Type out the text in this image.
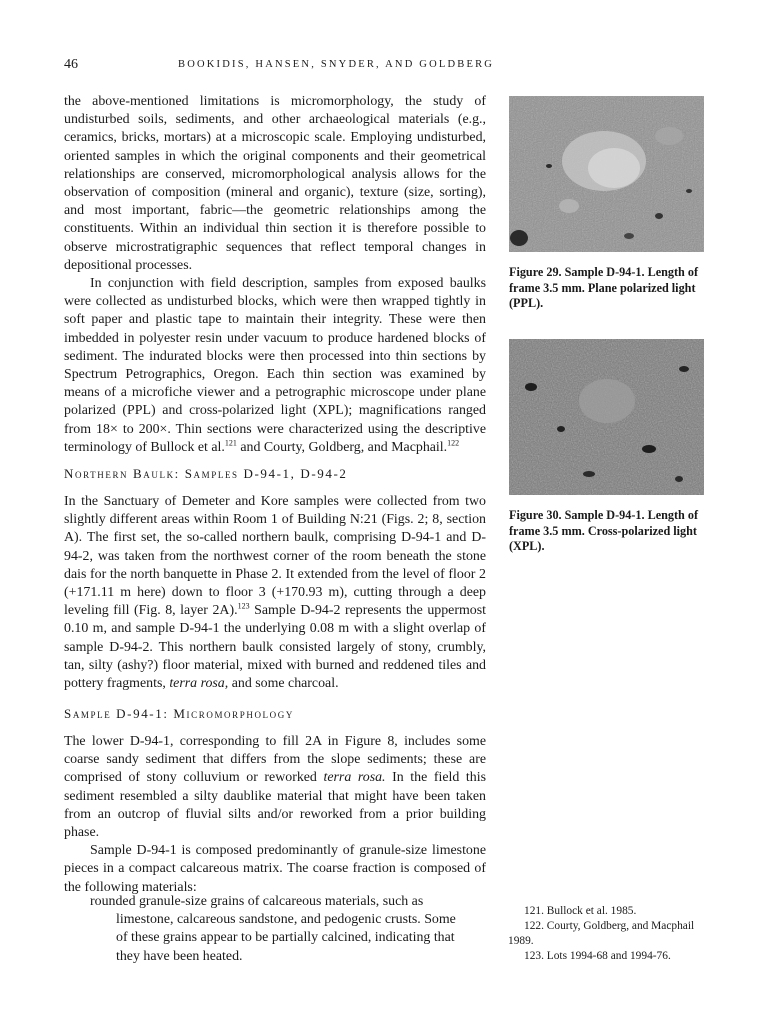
46	BOOKIDIS, HANSEN, SNYDER, AND GOLDBERG

the above-mentioned limitations is micromorphology, the study of undisturbed soils, sediments, and other archaeological materials (e.g., ceramics, bricks, mortars) at a microscopic scale. Employing undisturbed, oriented samples in which the original components and their geometrical relationships are conserved, micromorphological analysis allows for the observation of composition (mineral and organic), texture (size, sorting), and most important, fabric—the geometric relationships among the constituents. Within an individual thin section it is therefore possible to observe microstratigraphic sequences that reflect temporal changes in depositional processes.

In conjunction with field description, samples from exposed baulks were collected as undisturbed blocks, which were then wrapped tightly in soft paper and plastic tape to maintain their integrity. These were then imbedded in polyester resin under vacuum to produce hardened blocks of sediment. The indurated blocks were then processed into thin sections by Spectrum Petrographics, Oregon. Each thin section was examined by means of a microfiche viewer and a petrographic microscope under plane polarized (PPL) and cross-polarized light (XPL); magnifications ranged from 18× to 200×. Thin sections were characterized using the descriptive terminology of Bullock et al.$^{121}$ and Courty, Goldberg, and Macphail.$^{122}$

Northern Baulk: Samples D-94-1, D-94-2

In the Sanctuary of Demeter and Kore samples were collected from two slightly different areas within Room 1 of Building N:21 (Figs. 2; 8, section A). The first set, the so-called northern baulk, comprising D-94-1 and D-94-2, was taken from the northwest corner of the room beneath the stone dais for the north banquette in Phase 2. It extended from the level of floor 2 (+171.11 m here) down to floor 3 (+170.93 m), cutting through a deep leveling fill (Fig. 8, layer 2A).$^{123}$ Sample D-94-2 represents the uppermost 0.10 m, and sample D-94-1 the underlying 0.08 m with a slight overlap of sample D-94-2. This northern baulk consisted largely of stony, crumbly, tan, silty (ashy?) floor material, mixed with burned and reddened tiles and pottery fragments, terra rosa, and some charcoal.

Sample D-94-1: Micromorphology

The lower D-94-1, corresponding to fill 2A in Figure 8, includes some coarse sandy sediment that differs from the slope sediments; these are comprised of stony colluvium or reworked terra rosa. In the field this sediment resembled a silty daublike material that might have been taken from an outcrop of fluvial silts and/or reworked from a prior building phase.

Sample D-94-1 is composed predominantly of granule-size limestone pieces in a compact calcareous matrix. The coarse fraction is composed of the following materials:

rounded granule-size grains of calcareous materials, such as limestone, calcareous sandstone, and pedogenic crusts. Some of these grains appear to be partially calcined, indicating that they have been heated.

Figure 29. Sample D-94-1. Length of frame 3.5 mm. Plane polarized light (PPL).
Figure 30. Sample D-94-1. Length of frame 3.5 mm. Cross-polarized light (XPL).
121. Bullock et al. 1985.
122. Courty, Goldberg, and Macphail 1989.
123. Lots 1994-68 and 1994-76.
